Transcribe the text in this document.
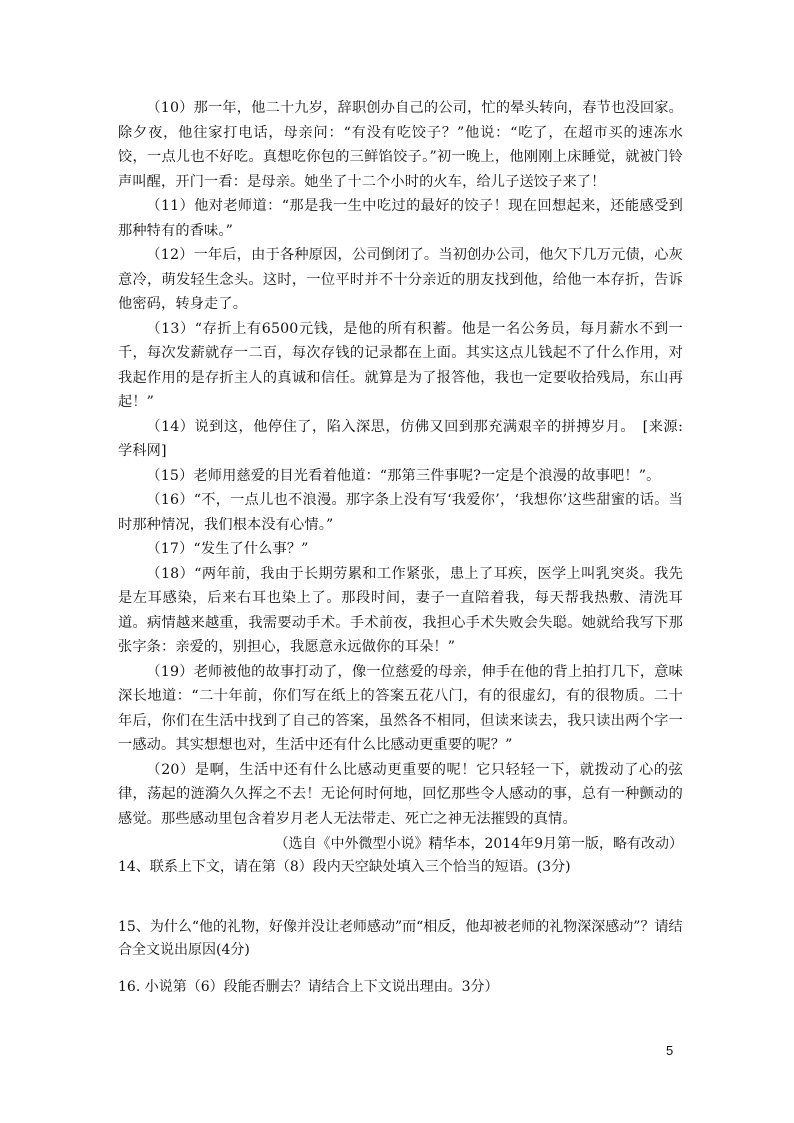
（10）那一年，他二十九岁，辞职创办自己的公司，忙的晕头转向，春节也没回家。除夕夜，他往家打电话，母亲问：“有没有吃饺子？”他说：“吃了，在超市买的速冻水饺，一点儿也不好吃。真想吃你包的三鲜馅饺子。”初一晚上，他刚刚上床睡觉，就被门铃声叫醒，开门一看：是母亲。她坐了十二个小时的火车，给儿子送饺子来了！

（11）他对老师道：“那是我一生中吃过的最好的饺子！现在回想起来，还能感受到那种特有的香味。”

（12）一年后，由于各种原因，公司倒闭了。当初创办公司，他欠下几万元债，心灰意冷，萌发轻生念头。这时，一位平时并不十分亲近的朋友找到他，给他一本存折，告诉他密码，转身走了。

（13）“存折上有6500元钱，是他的所有积蓄。他是一名公务员，每月薪水不到一千，每次发薪就存一二百，每次存钱的记录都在上面。其实这点儿钱起不了什么作用，对我起作用的是存折主人的真诚和信任。就算是为了报答他，我也一定要收拾残局，东山再起！”

（14）说到这，他停住了，陷入深思，仿佛又回到那充满艰辛的拼搏岁月。　[来源:学科网]

（15）老师用慈爱的目光看着他道：“那第三件事呢?一定是个浪漫的故事吧！”。

（16）“不，一点儿也不浪漫。那字条上没有写‘我爱你’，‘我想你’这些甜蜜的话。当时那种情况，我们根本没有心情。”

（17）“发生了什么事？”

（18）“两年前，我由于长期劳累和工作紧张，患上了耳疾，医学上叫乳突炎。我先是左耳感染，后来右耳也染上了。那段时间，妻子一直陪着我，每天帮我热敷、清洗耳道。病情越来越重，我需要动手术。手术前夜，我担心手术失败会失聪。她就给我写下那张字条：亲爱的，别担心，我愿意永远做你的耳朵！”

（19）老师被他的故事打动了，像一位慈爱的母亲，伸手在他的背上拍打几下，意味深长地道：“二十年前，你们写在纸上的答案五花八门，有的很虚幻，有的很物质。二十年后，你们在生活中找到了自己的答案，虽然各不相同，但读来读去，我只读出两个字一一感动。其实想想也对，生活中还有什么比感动更重要的呢？”

（20）是啊，生活中还有什么比感动更重要的呢！它只轻轻一下，就拨动了心的弦律，荡起的涟漪久久挥之不去！无论何时何地，回忆那些令人感动的事，总有一种颤动的感觉。那些感动里包含着岁月老人无法带走、死亡之神无法摧毁的真情。

（选自《中外微型小说》精华本，2014年9月第一版，略有改动）

14、联系上下文，请在第（8）段内天空缺处填入三个恰当的短语。(3分)

15、为什么“他的礼物，好像并没让老师感动”而“相反，他却被老师的礼物深深感动”？请结合全文说出原因(4分)

16. 小说第（6）段能否删去？请结合上下文说出理由。3分）

5
